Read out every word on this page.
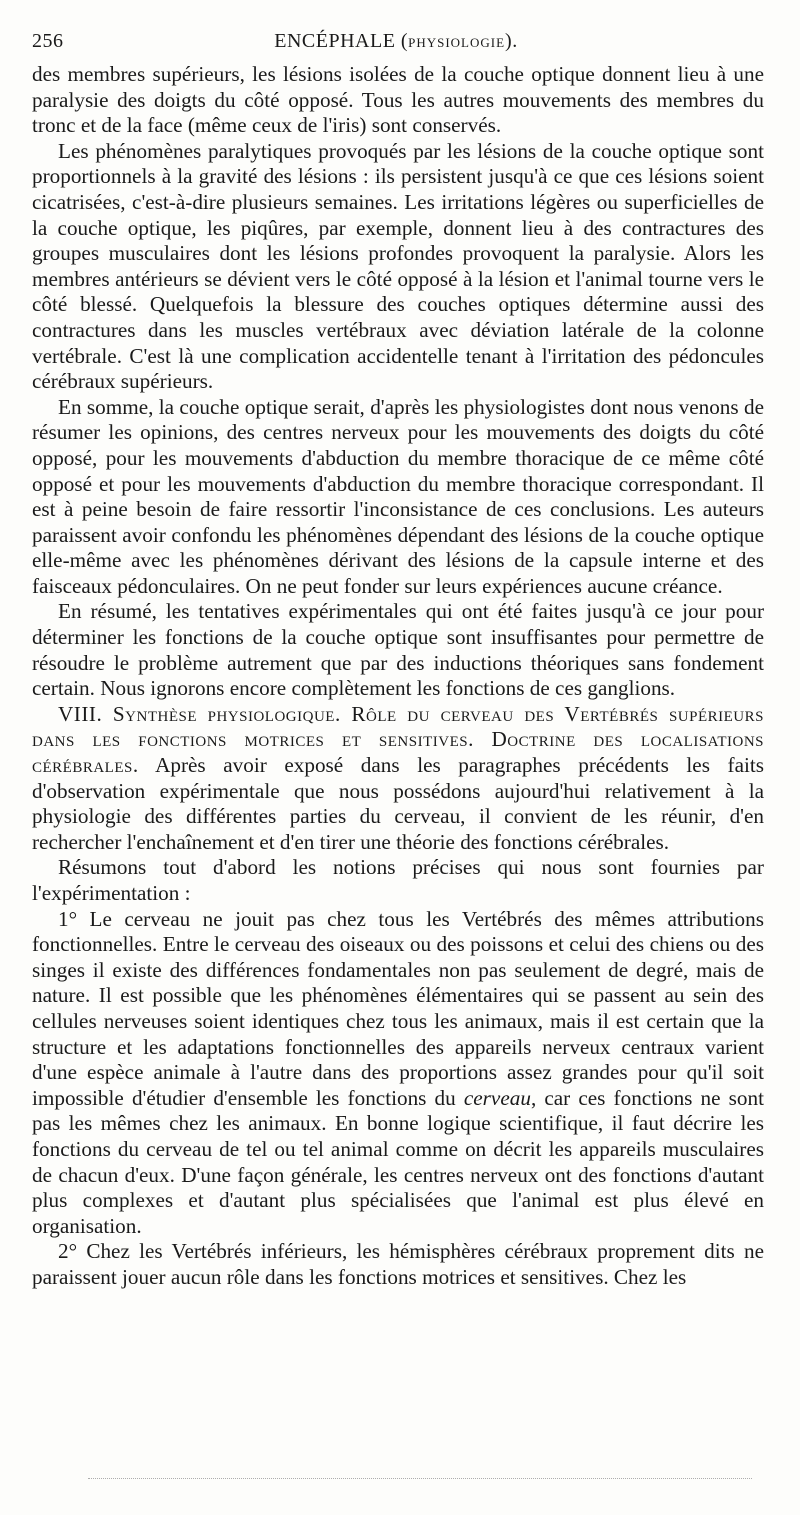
256	ENCÉPHALE (PHYSIOLOGIE).

des membres supérieurs, les lésions isolées de la couche optique donnent lieu à une paralysie des doigts du côté opposé. Tous les autres mouvements des membres du tronc et de la face (même ceux de l'iris) sont conservés.

Les phénomènes paralytiques provoqués par les lésions de la couche optique sont proportionnels à la gravité des lésions : ils persistent jusqu'à ce que ces lésions soient cicatrisées, c'est-à-dire plusieurs semaines. Les irritations légères ou superficielles de la couche optique, les piqûres, par exemple, donnent lieu à des contractures des groupes musculaires dont les lésions profondes provoquent la paralysie. Alors les membres antérieurs se dévient vers le côté opposé à la lésion et l'animal tourne vers le côté blessé. Quelquefois la blessure des couches optiques détermine aussi des contractures dans les muscles vertébraux avec déviation latérale de la colonne vertébrale. C'est là une complication accidentelle tenant à l'irritation des pédoncules cérébraux supérieurs.

En somme, la couche optique serait, d'après les physiologistes dont nous venons de résumer les opinions, des centres nerveux pour les mouvements des doigts du côté opposé, pour les mouvements d'abduction du membre thoracique de ce même côté opposé et pour les mouvements d'abduction du membre thoracique correspondant. Il est à peine besoin de faire ressortir l'inconsistance de ces conclusions. Les auteurs paraissent avoir confondu les phénomènes dépendant des lésions de la couche optique elle-même avec les phénomènes dérivant des lésions de la capsule interne et des faisceaux pédonculaires. On ne peut fonder sur leurs expériences aucune créance.

En résumé, les tentatives expérimentales qui ont été faites jusqu'à ce jour pour déterminer les fonctions de la couche optique sont insuffisantes pour permettre de résoudre le problème autrement que par des inductions théoriques sans fondement certain. Nous ignorons encore complètement les fonctions de ces ganglions.

VIII. Synthèse physiologique. Rôle du cerveau des Vertébrés supérieurs dans les fonctions motrices et sensitives. Doctrine des localisations cérébrales. Après avoir exposé dans les paragraphes précédents les faits d'observation expérimentale que nous possédons aujourd'hui relativement à la physiologie des différentes parties du cerveau, il convient de les réunir, d'en rechercher l'enchaînement et d'en tirer une théorie des fonctions cérébrales.

Résumons tout d'abord les notions précises qui nous sont fournies par l'expérimentation :

1° Le cerveau ne jouit pas chez tous les Vertébrés des mêmes attributions fonctionnelles. Entre le cerveau des oiseaux ou des poissons et celui des chiens ou des singes il existe des différences fondamentales non pas seulement de degré, mais de nature. Il est possible que les phénomènes élémentaires qui se passent au sein des cellules nerveuses soient identiques chez tous les animaux, mais il est certain que la structure et les adaptations fonctionnelles des appareils nerveux centraux varient d'une espèce animale à l'autre dans des proportions assez grandes pour qu'il soit impossible d'étudier d'ensemble les fonctions du cerveau, car ces fonctions ne sont pas les mêmes chez les animaux. En bonne logique scientifique, il faut décrire les fonctions du cerveau de tel ou tel animal comme on décrit les appareils musculaires de chacun d'eux. D'une façon générale, les centres nerveux ont des fonctions d'autant plus complexes et d'autant plus spécialisées que l'animal est plus élevé en organisation.

2° Chez les Vertébrés inférieurs, les hémisphères cérébraux proprement dits ne paraissent jouer aucun rôle dans les fonctions motrices et sensitives. Chez les
